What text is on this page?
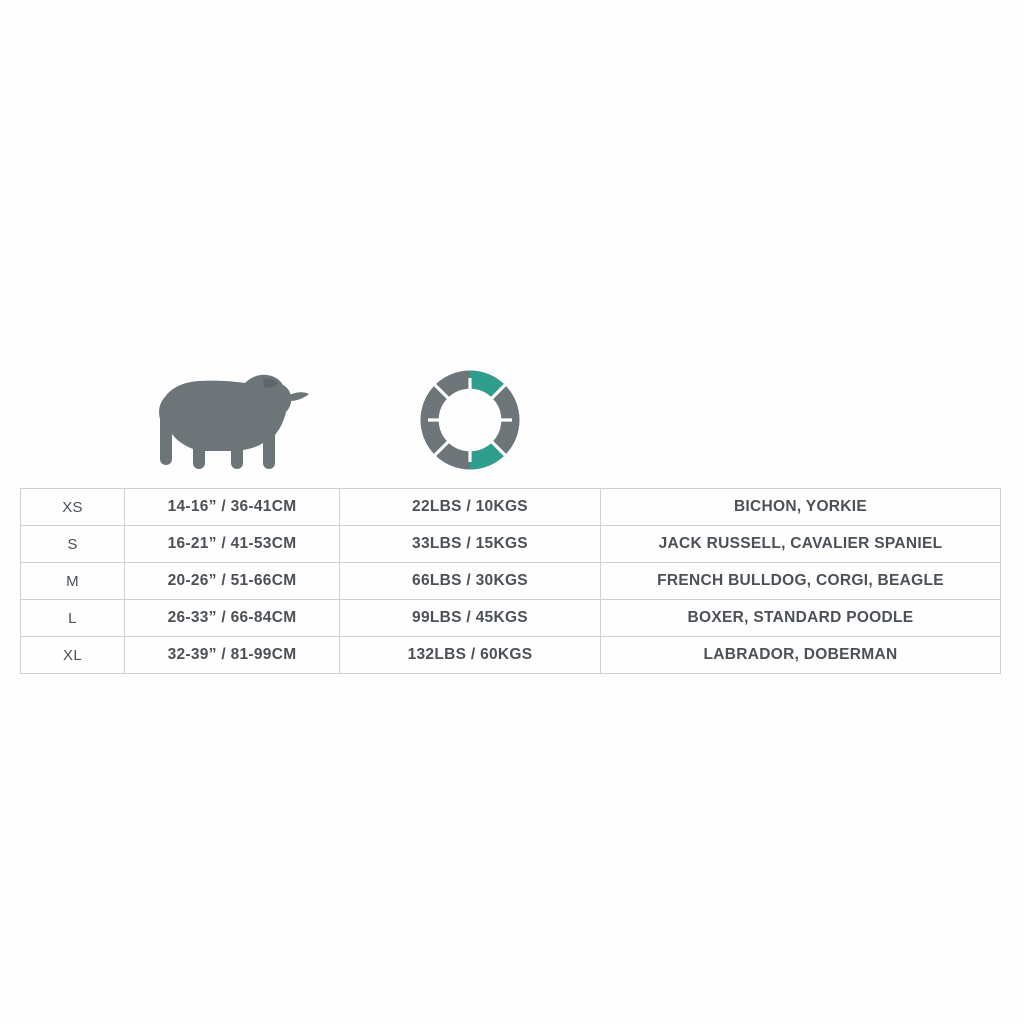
XS	14-16” / 36-41CM	22LBS / 10KGS	BICHON, YORKIE
S	16-21” / 41-53CM	33LBS / 15KGS	JACK RUSSELL, CAVALIER SPANIEL
M	20-26” / 51-66CM	66LBS / 30KGS	FRENCH BULLDOG, CORGI, BEAGLE
L	26-33” / 66-84CM	99LBS / 45KGS	BOXER, STANDARD POODLE
XL	32-39” / 81-99CM	132LBS / 60KGS	LABRADOR, DOBERMAN
